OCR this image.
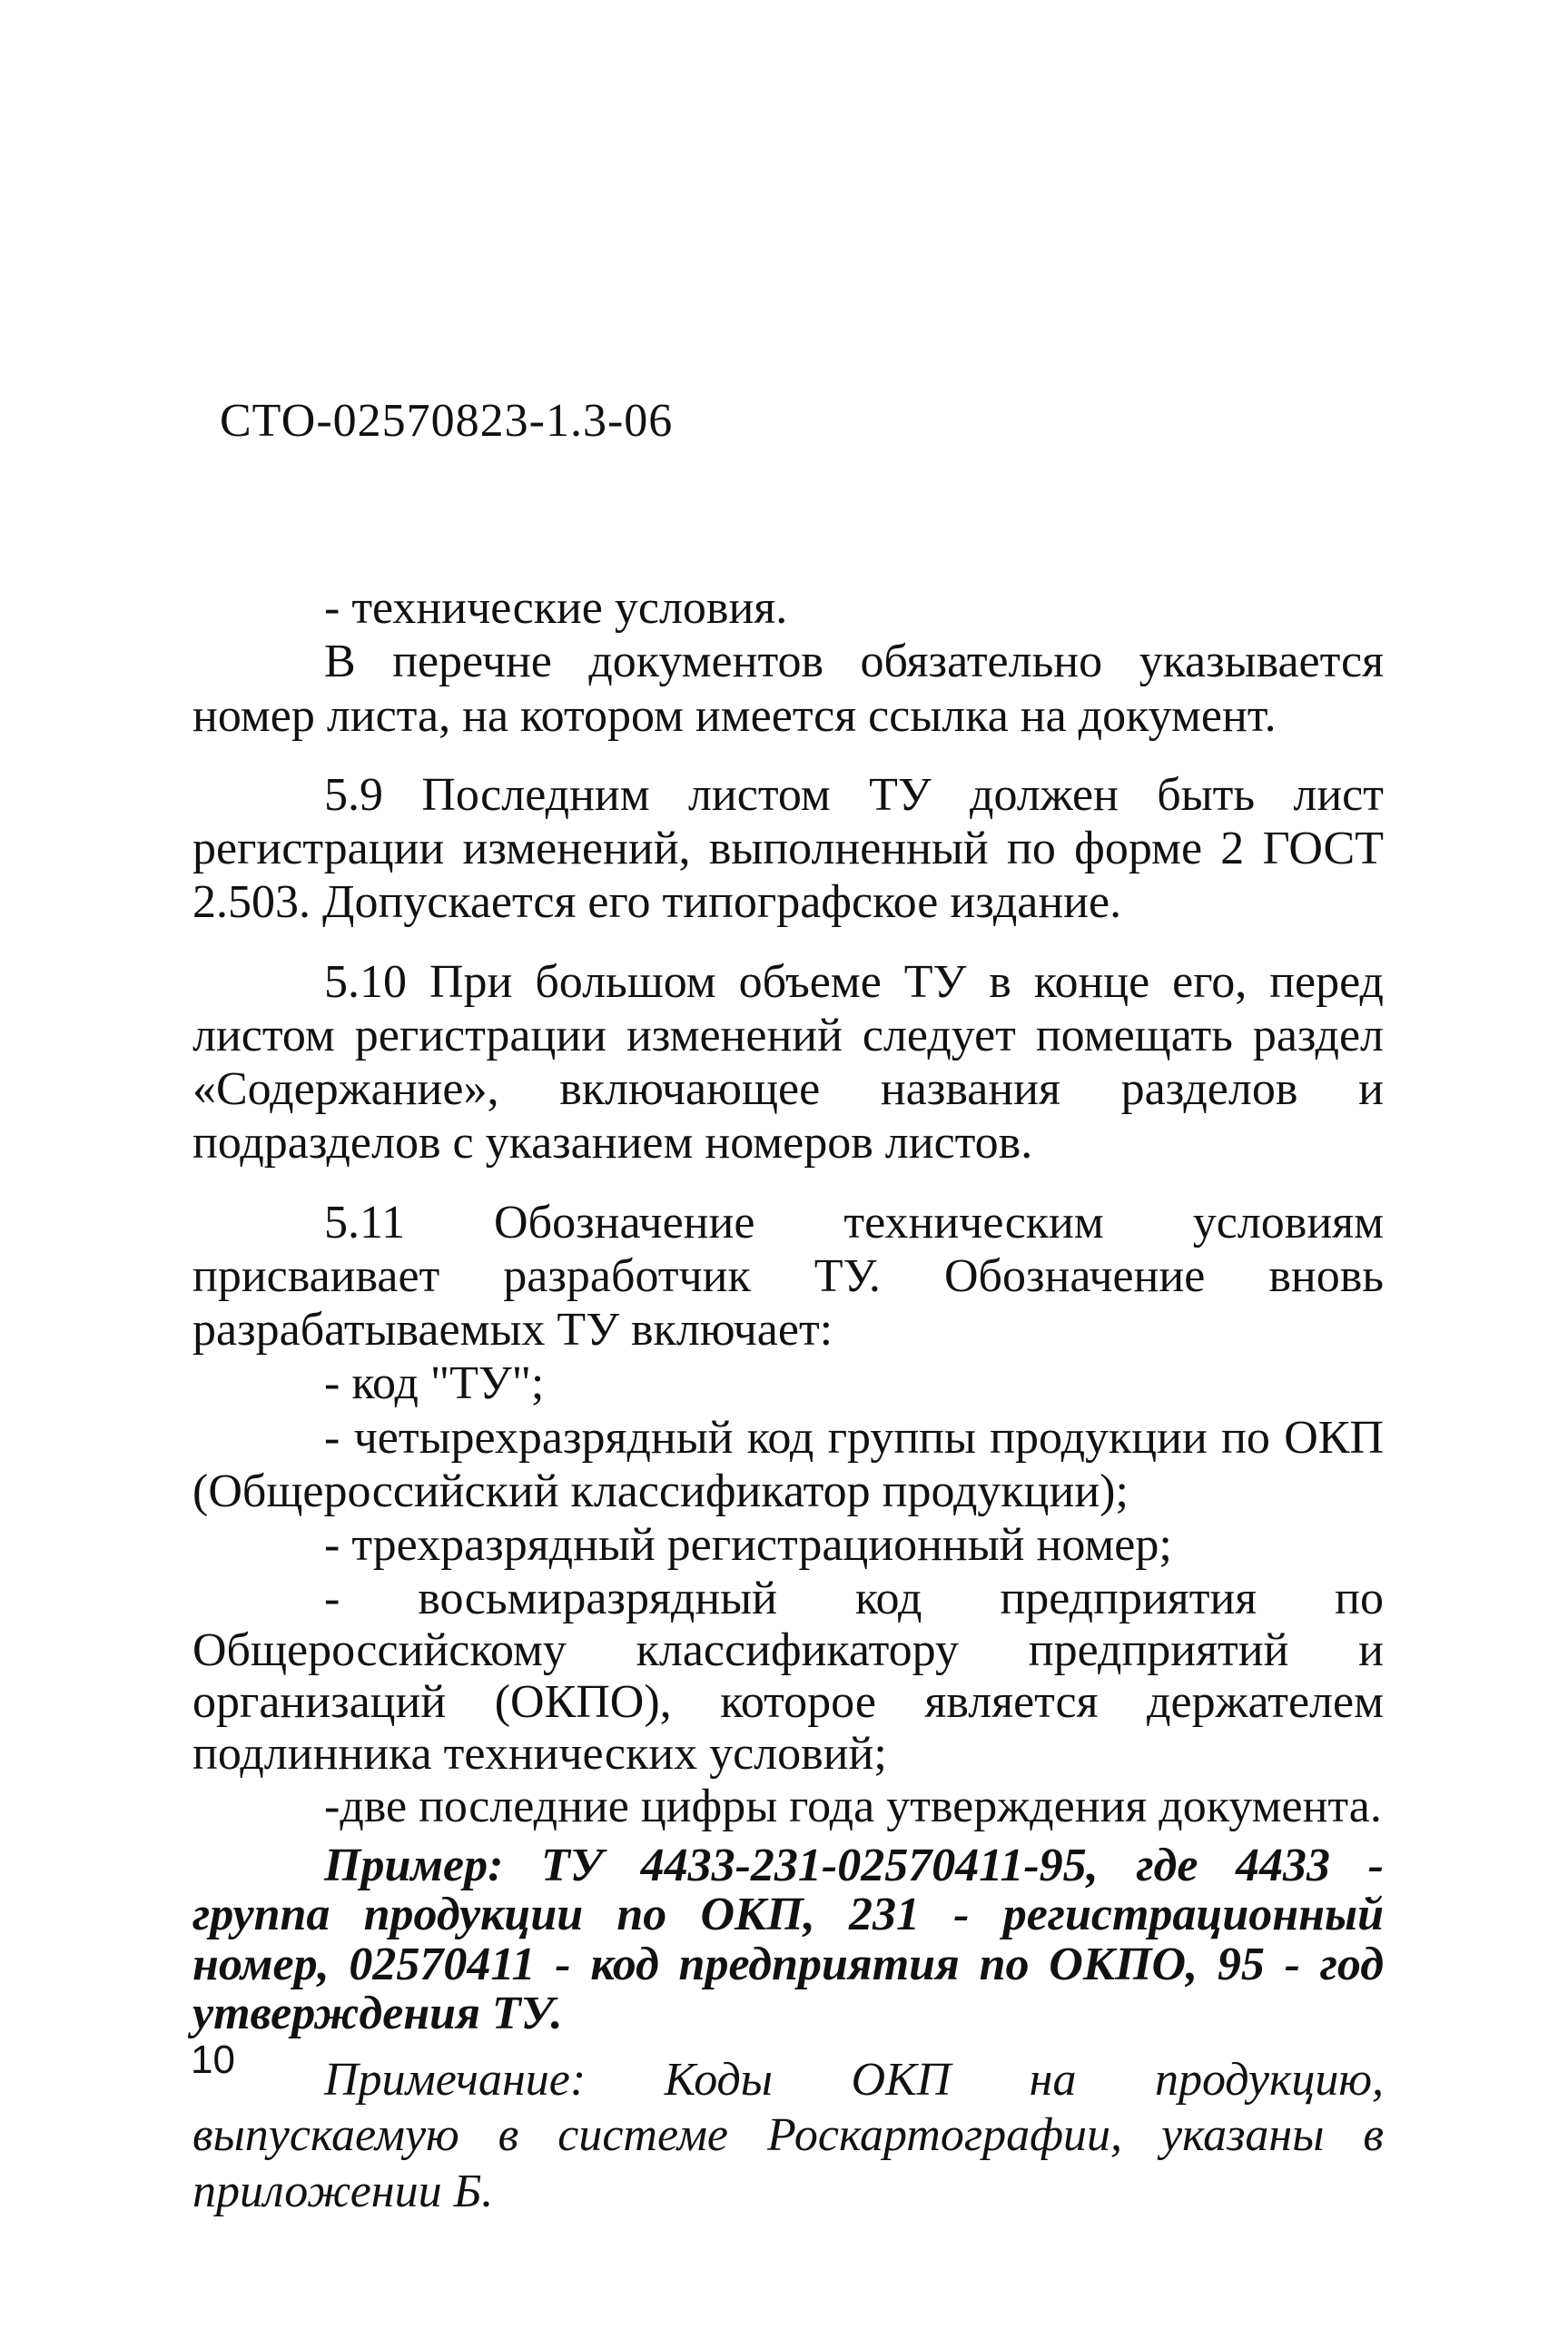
СТО-02570823-1.3-06

- технические условия.

В перечне документов обязательно указывается номер листа, на котором имеется ссылка на документ.

5.9 Последним листом ТУ должен быть лист регистрации изменений, выполненный по форме 2 ГОСТ 2.503. Допускается его типографское издание.

5.10 При большом объеме ТУ в конце его, перед листом регистрации изменений следует помещать раздел «Содержание», включающее названия разделов и подразделов с указанием номеров листов.

5.11 Обозначение техническим условиям присваивает разработчик ТУ. Обозначение вновь разрабатываемых ТУ включает:

- код "ТУ";

- четырехразрядный код группы продукции по ОКП (Общероссийский классификатор продукции);

- трехразрядный регистрационный номер;

- восьмиразрядный код предприятия по Общероссийскому классификатору предприятий и организаций (ОКПО), которое является держателем подлинника технических условий;

-две последние цифры года утверждения документа.

Пример: ТУ 4433-231-02570411-95, где 4433 - группа продукции по ОКП, 231 - регистрационный номер, 02570411 - код предприятия по ОКПО, 95 - год утверждения ТУ.

Примечание: Коды ОКП на продукцию, выпускаемую в системе Роскартографии, указаны в приложении Б.

10
